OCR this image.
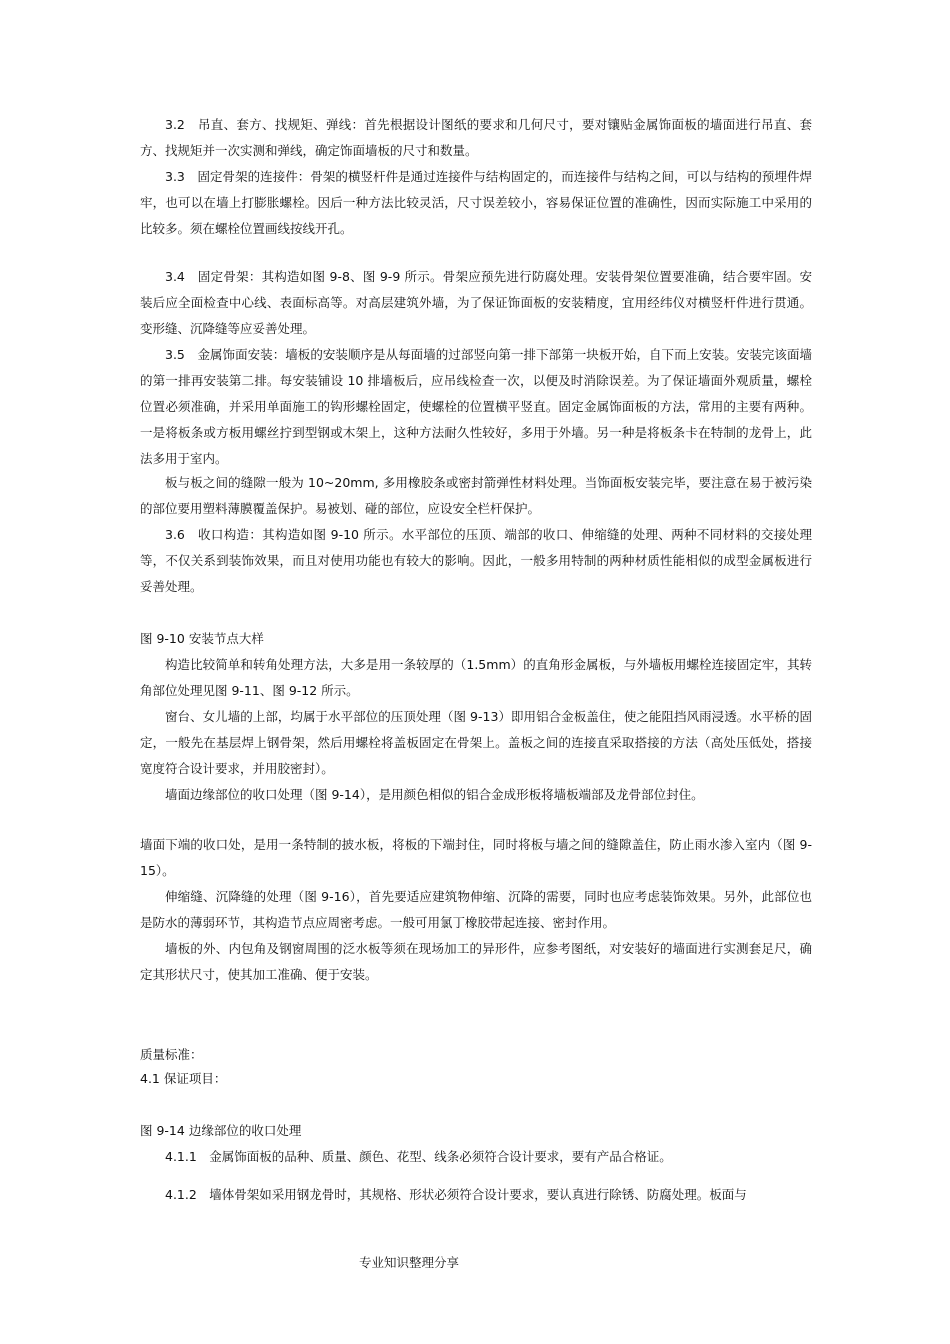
3.2　吊直、套方、找规矩、弹线：首先根据设计图纸的要求和几何尺寸，要对镶贴金属饰面板的墙面进行吊直、套方、找规矩并一次实测和弹线，确定饰面墙板的尺寸和数量。

3.3　固定骨架的连接件：骨架的横竖杆件是通过连接件与结构固定的，而连接件与结构之间，可以与结构的预埋件焊牢，也可以在墙上打膨胀螺栓。因后一种方法比较灵活，尺寸误差较小，容易保证位置的准确性，因而实际施工中采用的比较多。须在螺栓位置画线按线开孔。

3.4　固定骨架：其构造如图 9-8、图 9-9 所示。骨架应预先进行防腐处理。安装骨架位置要准确，结合要牢固。安装后应全面检查中心线、表面标高等。对高层建筑外墙，为了保证饰面板的安装精度，宜用经纬仪对横竖杆件进行贯通。变形缝、沉降缝等应妥善处理。

3.5　金属饰面安装：墙板的安装顺序是从每面墙的过部竖向第一排下部第一块板开始，自下而上安装。安装完该面墙的第一排再安装第二排。每安装铺设 10 排墙板后，应吊线检查一次，以便及时消除误差。为了保证墙面外观质量，螺栓位置必须准确，并采用单面施工的钩形螺栓固定，使螺栓的位置横平竖直。固定金属饰面板的方法，常用的主要有两种。一是将板条或方板用螺丝拧到型钢或木架上，这种方法耐久性较好，多用于外墙。另一种是将板条卡在特制的龙骨上，此法多用于室内。

板与板之间的缝隙一般为 10~20mm, 多用橡胶条或密封箭弹性材料处理。当饰面板安装完毕，要注意在易于被污染的部位要用塑料薄膜覆盖保护。易被划、碰的部位，应设安全栏杆保护。

3.6　收口构造：其构造如图 9-10 所示。水平部位的压顶、端部的收口、伸缩缝的处理、两种不同材料的交接处理等，不仅关系到装饰效果，而且对使用功能也有较大的影响。因此，一般多用特制的两种材质性能相似的成型金属板进行妥善处理。

图 9-10 安装节点大样

构造比较简单和转角处理方法，大多是用一条较厚的（1.5mm）的直角形金属板，与外墙板用螺栓连接固定牢，其转角部位处理见图 9-11、图 9-12 所示。

窗台、女儿墙的上部，均属于水平部位的压顶处理（图 9-13）即用铝合金板盖住，使之能阻挡风雨浸透。水平桥的固定，一般先在基层焊上钢骨架，然后用螺栓将盖板固定在骨架上。盖板之间的连接直采取搭接的方法（高处压低处，搭接宽度符合设计要求，并用胶密封）。

墙面边缘部位的收口处理（图 9-14），是用颜色相似的铝合金成形板将墙板端部及龙骨部位封住。

墙面下端的收口处，是用一条特制的披水板，将板的下端封住，同时将板与墙之间的缝隙盖住，防止雨水渗入室内（图 9-15）。

伸缩缝、沉降缝的处理（图 9-16），首先要适应建筑物伸缩、沉降的需要，同时也应考虑装饰效果。另外，此部位也是防水的薄弱环节，其构造节点应周密考虑。一般可用氯丁橡胶带起连接、密封作用。

墙板的外、内包角及钢窗周围的泛水板等须在现场加工的异形件，应参考图纸，对安装好的墙面进行实测套足尺，确定其形状尺寸，使其加工准确、便于安装。

质量标准：

4.1 保证项目：

图 9-14 边缘部位的收口处理

4.1.1　金属饰面板的品种、质量、颜色、花型、线条必须符合设计要求，要有产品合格证。

4.1.2　墙体骨架如采用钢龙骨时，其规格、形状必须符合设计要求，要认真进行除锈、防腐处理。板面与

专业知识整理分享
